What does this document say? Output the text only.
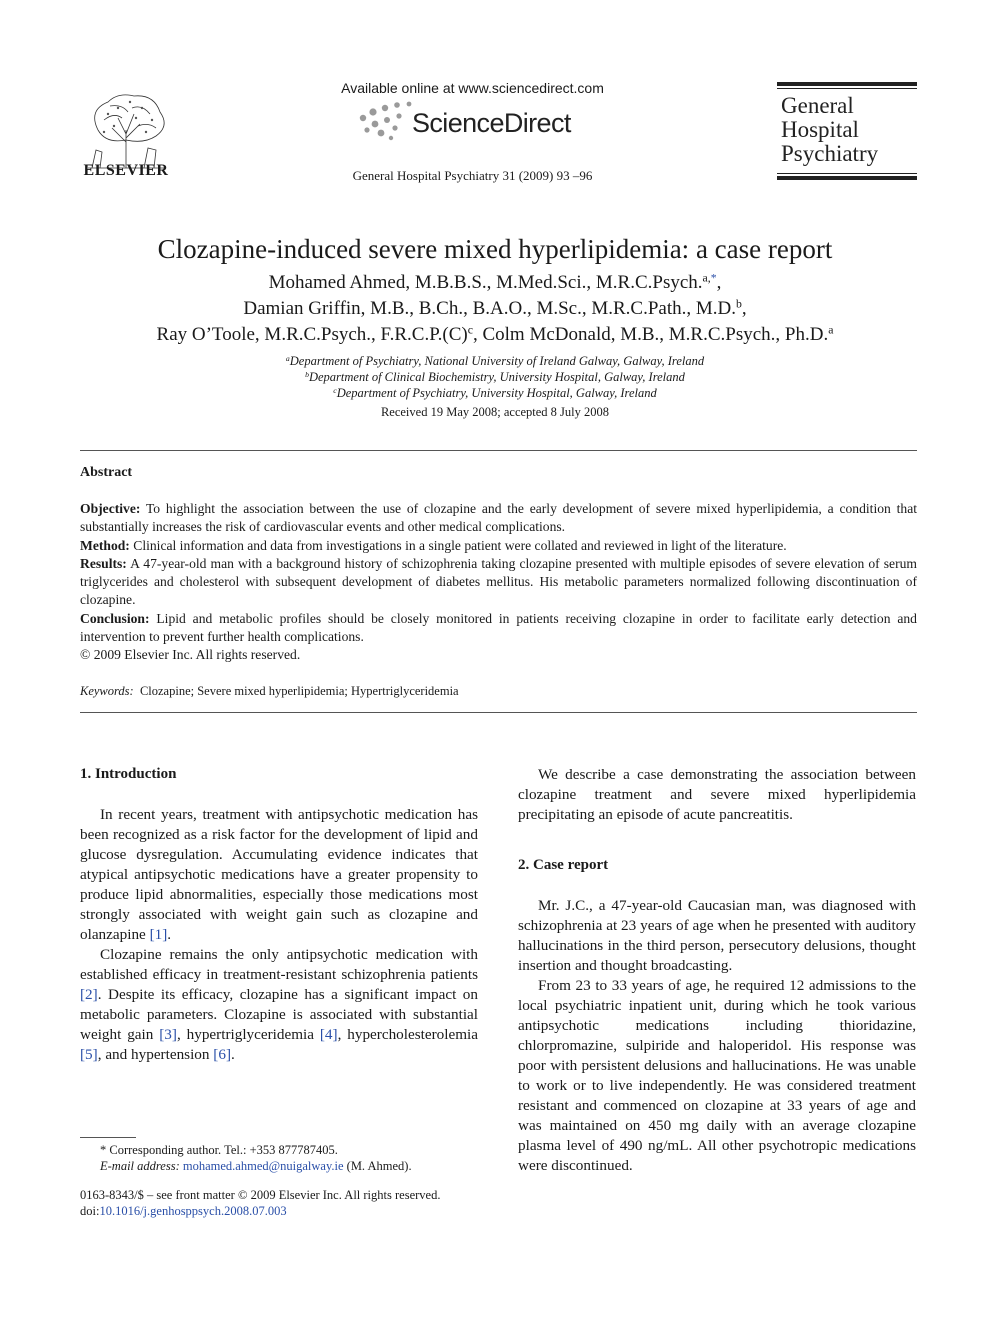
ELSEVIER
Available online at www.sciencedirect.com
ScienceDirect
General Hospital Psychiatry 31 (2009) 93 –96
General
Hospital
Psychiatry
Clozapine-induced severe mixed hyperlipidemia: a case report
Mohamed Ahmed, M.B.B.S., M.Med.Sci., M.R.C.Psych.$^{a,*}$,
Damian Griffin, M.B., B.Ch., B.A.O., M.Sc., M.R.C.Path., M.D.$^b$,
Ray O’Toole, M.R.C.Psych., $F.R.C.P.(C)^c$, Colm McDonald, M.B., M.R.C.Psych., Ph.D.$^a$
$^a$Department of Psychiatry, National University of Ireland Galway, Galway, Ireland
$^b$Department of Clinical Biochemistry, University Hospital, Galway, Ireland
$^c$Department of Psychiatry, University Hospital, Galway, Ireland
Received 19 May 2008; accepted 8 July 2008
Abstract

Objective: To highlight the association between the use of clozapine and the early development of severe mixed hyperlipidemia, a condition that substantially increases the risk of cardiovascular events and other medical complications.

Method: Clinical information and data from investigations in a single patient were collated and reviewed in light of the literature.

Results: A 47-year-old man with a background history of schizophrenia taking clozapine presented with multiple episodes of severe elevation of serum triglycerides and cholesterol with subsequent development of diabetes mellitus. His metabolic parameters normalized following discontinuation of clozapine.

Conclusion: Lipid and metabolic profiles should be closely monitored in patients receiving clozapine in order to facilitate early detection and intervention to prevent further health complications.

© 2009 Elsevier Inc. All rights reserved.

Keywords: Clozapine; Severe mixed hyperlipidemia; Hypertriglyceridemia
1. Introduction

In recent years, treatment with antipsychotic medication has been recognized as a risk factor for the development of lipid and glucose dysregulation. Accumulating evidence indicates that atypical antipsychotic medications have a greater propensity to produce lipid abnormalities, especially those medications most strongly associated with weight gain such as clozapine and olanzapine [1].

Clozapine remains the only antipsychotic medication with established efficacy in treatment-resistant schizophrenia patients [2]. Despite its efficacy, clozapine has a significant impact on metabolic parameters. Clozapine is associated with substantial weight gain [3], hypertriglyceridemia [4], hypercholesterolemia [5], and hypertension [6].

We describe a case demonstrating the association between clozapine treatment and severe mixed hyperlipidemia precipitating an episode of acute pancreatitis.

2. Case report

Mr. J.C., a 47-year-old Caucasian man, was diagnosed with schizophrenia at 23 years of age when he presented with auditory hallucinations in the third person, persecutory delusions, thought insertion and thought broadcasting.

From 23 to 33 years of age, he required 12 admissions to the local psychiatric inpatient unit, during which he took various antipsychotic medications including thioridazine, chlorpromazine, sulpiride and haloperidol. His response was poor with persistent delusions and hallucinations. He was unable to work or to live independently. He was considered treatment resistant and commenced on clozapine at 33 years of age and was maintained on 450 mg daily with an average clozapine plasma level of 490 ng/mL. All other psychotropic medications were discontinued.

* Corresponding author. Tel.: +353 877787405.
E-mail address: mohamed.ahmed@nuigalway.ie (M. Ahmed).
0163-8343/$ – see front matter © 2009 Elsevier Inc. All rights reserved.
doi:10.1016/j.genhosppsych.2008.07.003
